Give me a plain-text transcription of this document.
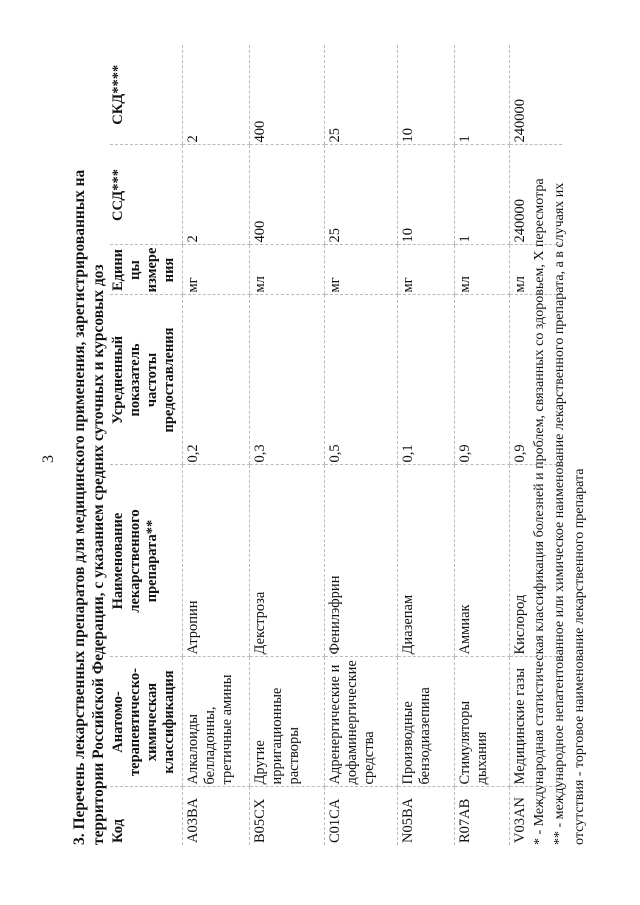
3 3. Перечень лекарственных препаратов для медицинского применения, зарегистрированных на территории Российской Федерации, с указанием средних суточных и курсовых доз Код	Анатомо-
терапевтическо-
химическая
классификация	Наименование лекарственного
препарата**	Усредненный
показатель
частоты
предоставления	Едини
цы
измере
ния	ССД***	СКД****
A03BA	Алкалоиды
белладонны,
третичные амины	Атропин	0,2	мг	2	2
B05CX	Другие
ирригационные
растворы	Декстроза	0,3	мл	400	400
C01CA	Адренергические и
дофаминергические
средства	Фенилэфрин	0,5	мг	25	25
N05BA	Производные
бензодиазепина	Диазепам	0,1	мг	10	10
R07AB	Стимуляторы
дыхания	Аммиак	0,9	мл	1	1
V03AN	Медицинские газы	Кислород	0,9	мл	240000	240000
* - Международная статистическая классификация болезней и проблем, связанных со здоровьем, X пересмотра ** - международное непатентованное или химическое наименование лекарственного препарата, а в случаях их отсутствия - торговое наименование лекарственного препарата
